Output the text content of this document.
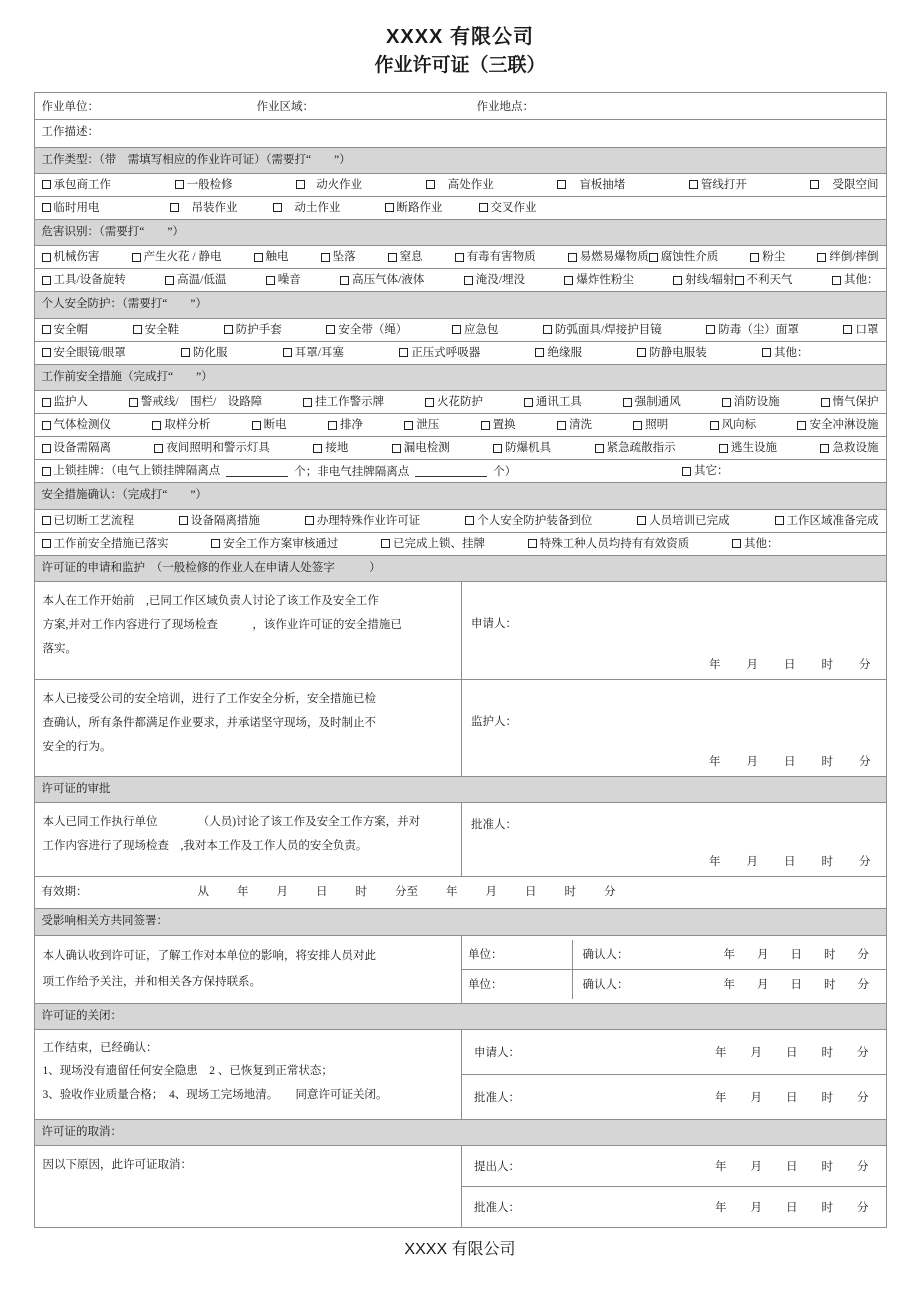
XXXX 有限公司
作业许可证（三联）
作业单位：	作业区域：	作业地点：

工作描述：

工作类型：（带　需填写相应的作业许可证）（需要打“　　”）

承包商工作	一般检修	动火作业	高处作业	盲板抽堵	管线打开	受限空间

临时用电	吊装作业	动土作业	断路作业	交叉作业

危害识别：（需要打“　　”）

机械伤害	产生火花 / 静电	触电	坠落	窒息	有毒有害物质	易燃易爆物质 腐蚀性介质	粉尘	绊倒/摔倒

工具/设备旋转	高温/低温	噪音	高压气体/液体	淹没/埋没	爆炸性粉尘	射线/辐射 不利天气	其他：

个人安全防护：（需要打“　　”）

安全帽	安全鞋	防护手套	安全带（绳）	应急包	防弧面具/焊接护目镜	防毒（尘）面罩	口罩

安全眼镜/眼罩	防化服	耳罩/耳塞	正压式呼吸器	绝缘服	防静电服装	其他：

工作前安全措施（完成打“　　”）

监护人	警戒线/　围栏/　设路障	挂工作警示牌	火花防护	通讯工具	强制通风	消防设施	惰气保护

气体检测仪	取样分析	断电	排净	泄压	置换	清洗	照明	风向标	安全冲淋设施

设备需隔离	夜间照明和警示灯具	接地	漏电检测	防爆机具	紧急疏散指示	逃生设施	急救设施

上锁挂牌：（电气上锁挂牌隔离点	个；非电气挂牌隔离点	个）	其它：

安全措施确认：（完成打“　　”）

已切断工艺流程	设备隔离措施	办理特殊作业许可证	个人安全防护装备到位	人员培训已完成	工作区域准备完成

工作前安全措施已落实	安全工作方案审核通过	已完成上锁、挂牌	特殊工种人员均持有有效资质	其他：

许可证的申请和监护　（一般检修的作业人在申请人处签字　　　）

本人在工作开始前　,已同工作区域负责人讨论了该工作及安全工作
方案,并对工作内容进行了现场检查　　　，该作业许可证的安全措施已
落实。

申请人：
年 月 日 时 分

本人已接受公司的安全培训，进行了工作安全分析，安全措施已检
查确认，所有条件都满足作业要求，并承诺坚守现场，及时制止不
安全的行为。

监护人：
年 月 日 时 分

许可证的审批

本人已同工作执行单位　　　　（人员)讨论了该工作及安全工作方案，并对
工作内容进行了现场检查　,我对本工作及工作人员的安全负责。

批准人：
年 月 日 时 分

有效期：	从 年 月 日 时 分至 年 月 日 时 分

受影响相关方共同签署：

本人确认收到许可证，了解工作对本单位的影响，将安排人员对此
项工作给予关注，并和相关各方保持联系。

单位：	确认人：	年 月 日 时 分

单位：	确认人：	年 月 日 时 分

许可证的关闭：

工作结束，已经确认：
1、现场没有遗留任何安全隐患　2 、已恢复到正常状态；
3、验收作业质量合格；　4、现场工完场地清。　　同意许可证关闭。

申请人：	年 月 日 时 分

批准人：	年 月 日 时 分

许可证的取消：

因以下原因，此许可证取消：
		提出人：	年 月 日 时 分

批准人：	年 月 日 时 分
XXXX 有限公司
